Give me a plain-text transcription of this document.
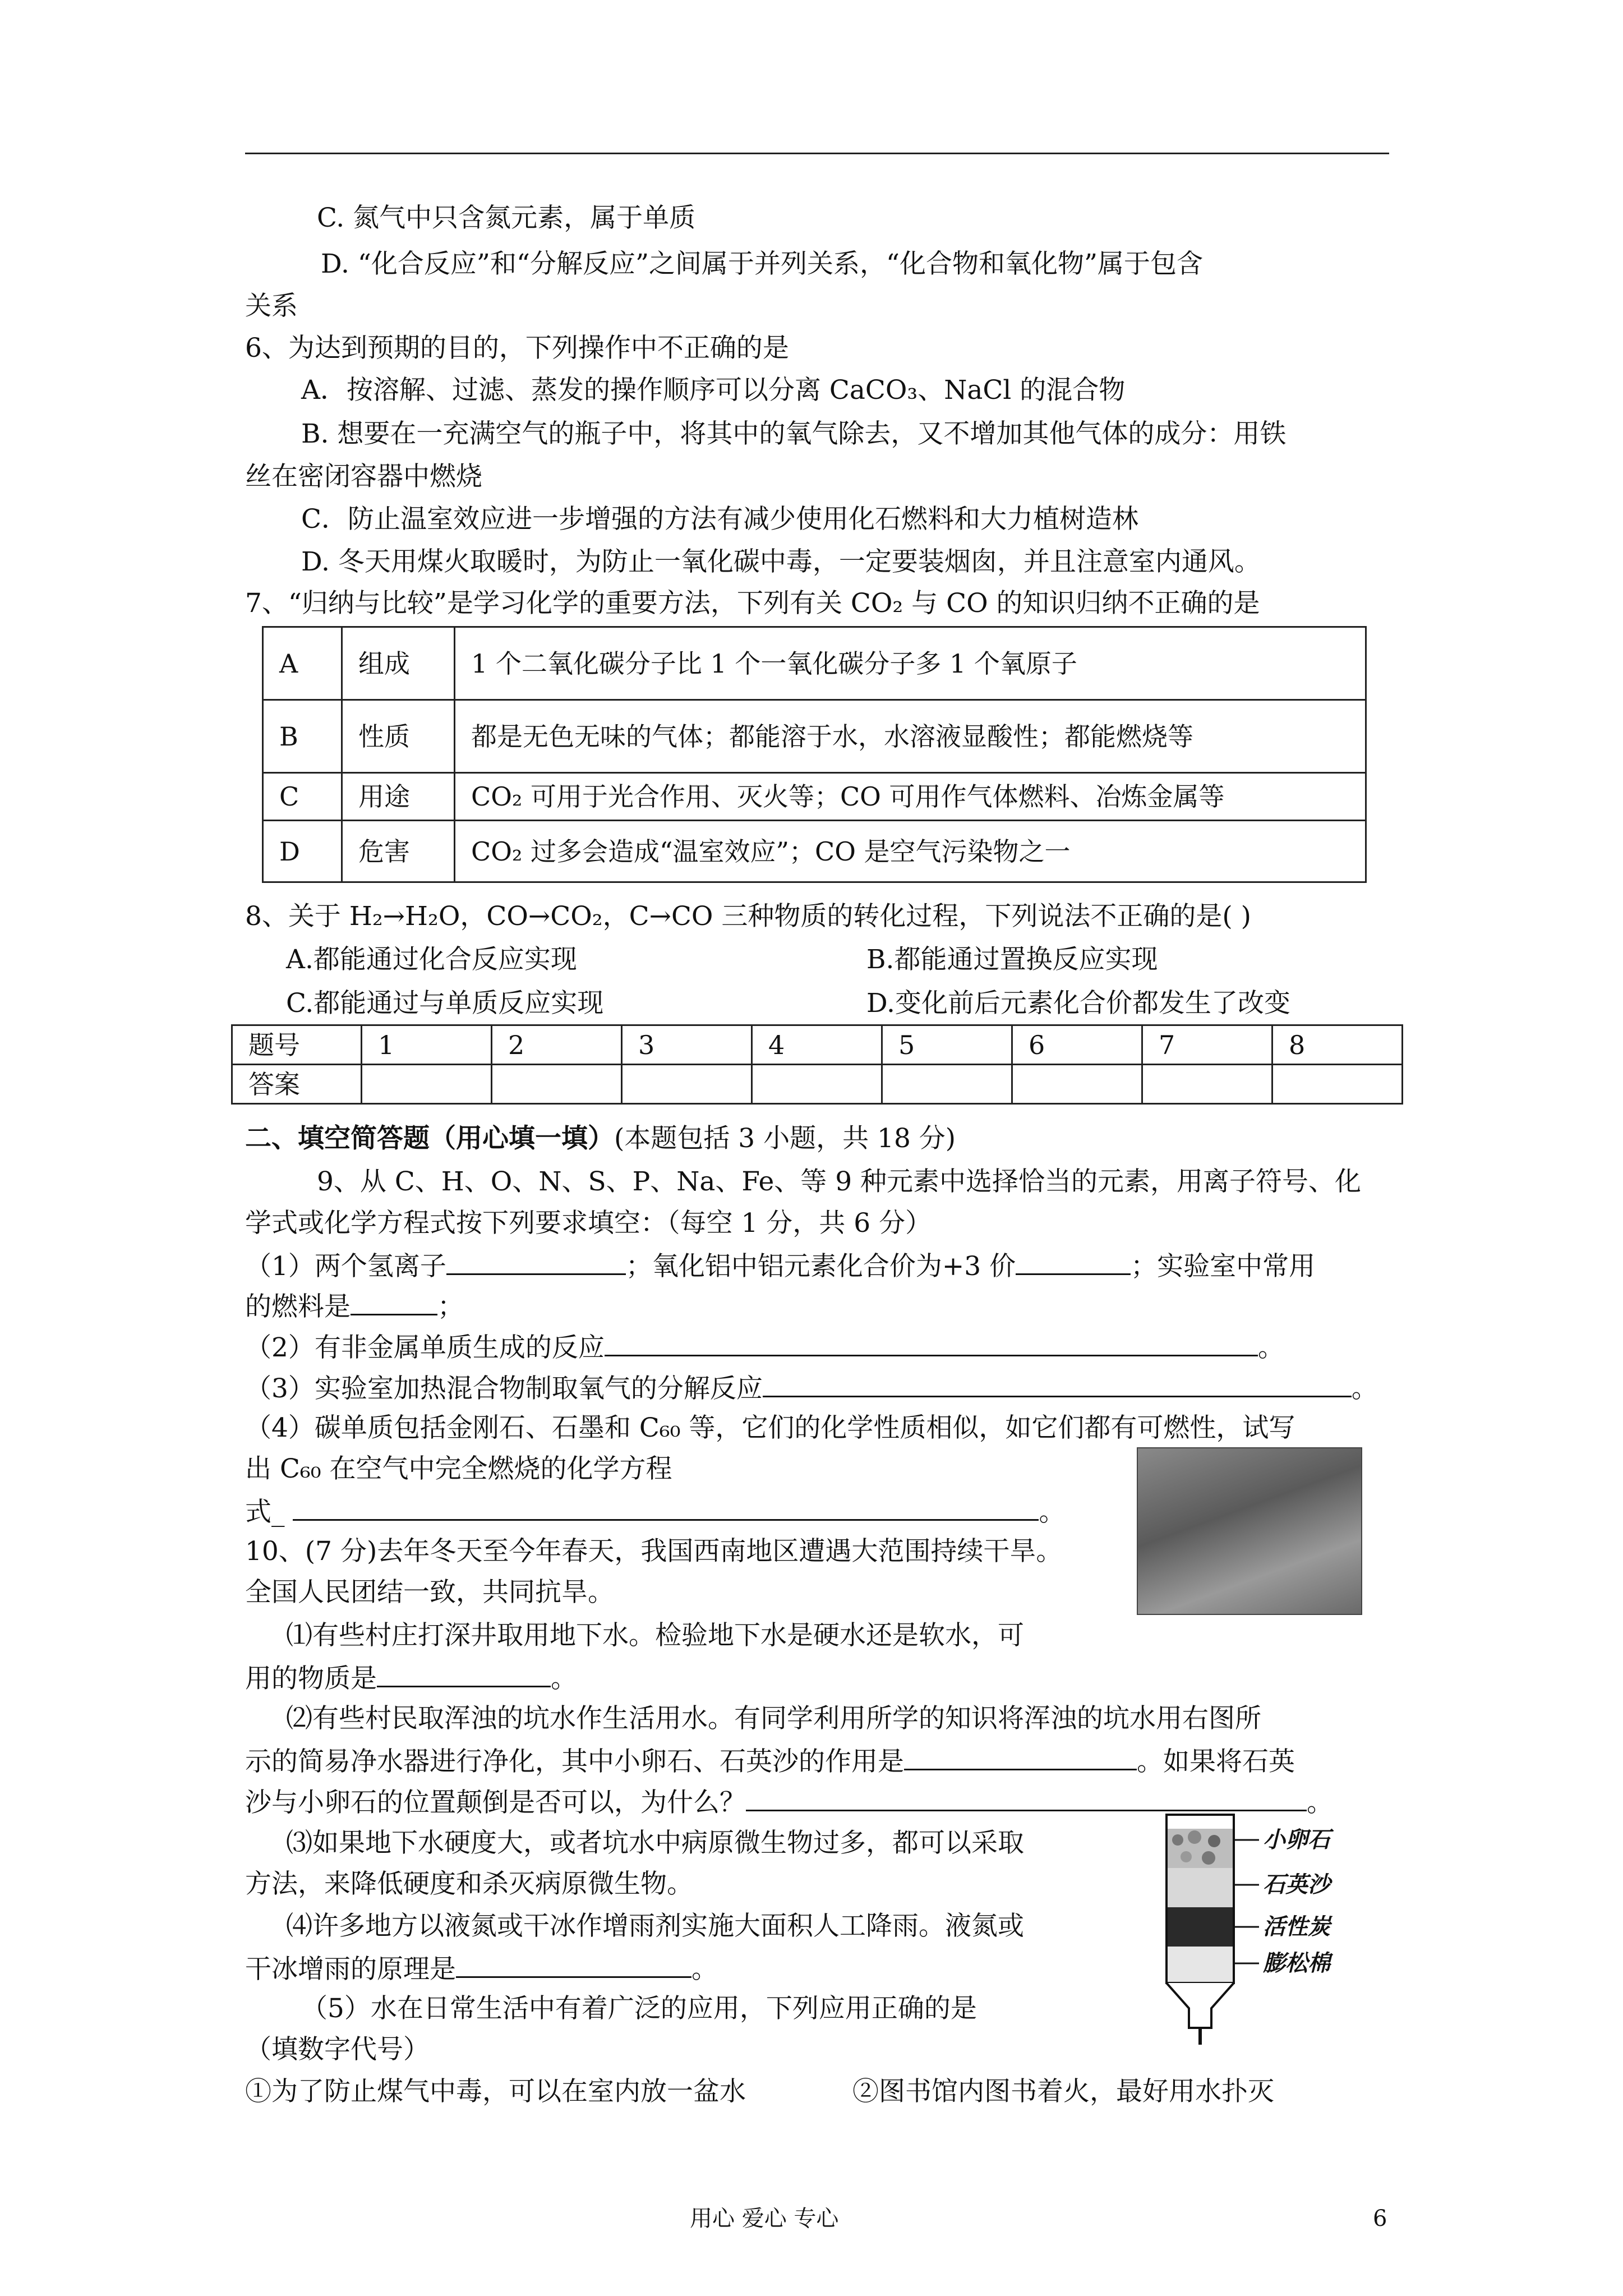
C. 氮气中只含氮元素，属于单质
D. “化合反应”和“分解反应”之间属于并列关系，“化合物和氧化物”属于包含
关系
6、为达到预期的目的，下列操作中不正确的是
A．按溶解、过滤、蒸发的操作顺序可以分离 CaCO₃、NaCl 的混合物
B. 想要在一充满空气的瓶子中，将其中的氧气除去，又不增加其他气体的成分：用铁
丝在密闭容器中燃烧
C．防止温室效应进一步增强的方法有减少使用化石燃料和大力植树造林
D. 冬天用煤火取暖时，为防止一氧化碳中毒，一定要装烟囱，并且注意室内通风。
7、“归纳与比较”是学习化学的重要方法，下列有关 CO₂ 与 CO 的知识归纳不正确的是
A	组成	1 个二氧化碳分子比 1 个一氧化碳分子多 1 个氧原子
B	性质	都是无色无味的气体；都能溶于水，水溶液显酸性；都能燃烧等
C	用途	CO₂ 可用于光合作用、灭火等；CO 可用作气体燃料、冶炼金属等
D	危害	CO₂ 过多会造成“温室效应”；CO 是空气污染物之一
8、关于 H₂→H₂O，CO→CO₂，C→CO 三种物质的转化过程，下列说法不正确的是( )
A.都能通过化合反应实现	B.都能通过置换反应实现
C.都能通过与单质反应实现	D.变化前后元素化合价都发生了改变
题号	1	2	3	4	5	6	7	8
答案								
二、填空简答题（用心填一填）(本题包括 3 小题，共 18 分)
9、从 C、H、O、N、S、P、Na、Fe、等 9 种元素中选择恰当的元素，用离子符号、化
学式或化学方程式按下列要求填空：（每空 1 分，共 6 分）
（1）两个氢离子	；氧化铝中铝元素化合价为+3 价	；实验室中常用
的燃料是	；
（2）有非金属单质生成的反应	。
（3）实验室加热混合物制取氧气的分解反应	。
（4）碳单质包括金刚石、石墨和 C₆₀ 等，它们的化学性质相似，如它们都有可燃性，试写
出 C₆₀ 在空气中完全燃烧的化学方程
式_	。
10、(7 分)去年冬天至今年春天，我国西南地区遭遇大范围持续干旱。
全国人民团结一致，共同抗旱。
⑴有些村庄打深井取用地下水。检验地下水是硬水还是软水，可
用的物质是	。
⑵有些村民取浑浊的坑水作生活用水。有同学利用所学的知识将浑浊的坑水用右图所
示的简易净水器进行净化，其中小卵石、石英沙的作用是	。如果将石英
沙与小卵石的位置颠倒是否可以，为什么？	。
⑶如果地下水硬度大，或者坑水中病原微生物过多，都可以采取
方法，来降低硬度和杀灭病原微生物。
⑷许多地方以液氮或干冰作增雨剂实施大面积人工降雨。液氮或
干冰增雨的原理是	。
（5）水在日常生活中有着广泛的应用，下列应用正确的是
（填数字代号）
①为了防止煤气中毒，可以在室内放一盆水	②图书馆内图书着火，最好用水扑灭
小卵石
石英沙
活性炭
膨松棉
用心 爱心 专心	6
